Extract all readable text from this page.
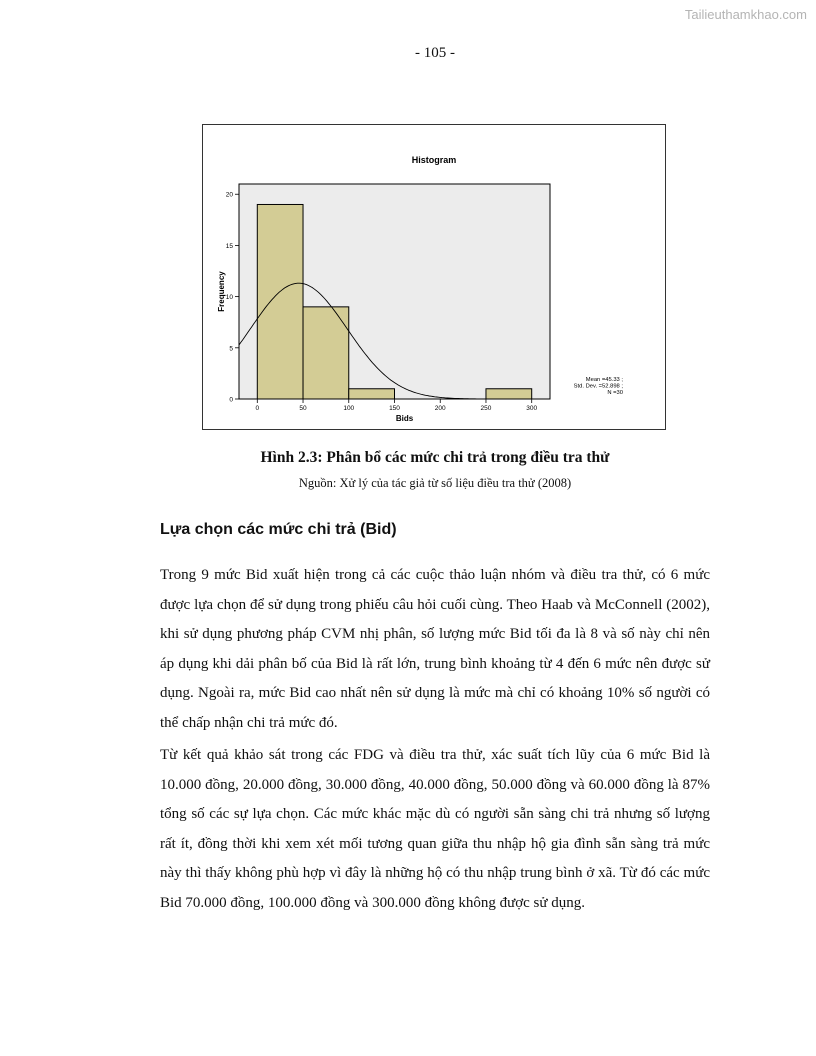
Tailieuthamkhao.com
- 105 -
Histogram
0
5
10
15
20
0	50	100	150	200	250	300
Bids
Frequency
Mean =45.33 ;
Std. Dev. =52.898 ;
N =30
Hình 2.3: Phân bổ các mức chi trả trong điều tra thử
Nguồn: Xử lý của tác giả từ số liệu điều tra thử (2008)
Lựa chọn các mức chi trả (Bid)

Trong 9 mức Bid xuất hiện trong cả các cuộc thảo luận nhóm và điều tra thử, có 6 mức được lựa chọn để sử dụng trong phiếu câu hỏi cuối cùng. Theo Haab và McConnell (2002), khi sử dụng phương pháp CVM nhị phân, số lượng mức Bid tối đa là 8 và số này chỉ nên áp dụng khi dải phân bố của Bid là rất lớn, trung bình khoảng từ 4 đến 6 mức nên được sử dụng. Ngoài ra, mức Bid cao nhất nên sử dụng là mức mà chỉ có khoảng 10% số người có thể chấp nhận chi trả mức đó.

Từ kết quả khảo sát trong các FDG và điều tra thử, xác suất tích lũy của 6 mức Bid là 10.000 đồng, 20.000 đồng, 30.000 đồng, 40.000 đồng, 50.000 đồng và 60.000 đồng là 87% tổng số các sự lựa chọn. Các mức khác mặc dù có người sẵn sàng chi trả nhưng số lượng rất ít, đồng thời khi xem xét mối tương quan giữa thu nhập hộ gia đình sẵn sàng trả mức này thì thấy không phù hợp vì đây là những hộ có thu nhập trung bình ở xã. Từ đó các mức Bid 70.000 đồng, 100.000 đồng và 300.000 đồng không được sử dụng.
